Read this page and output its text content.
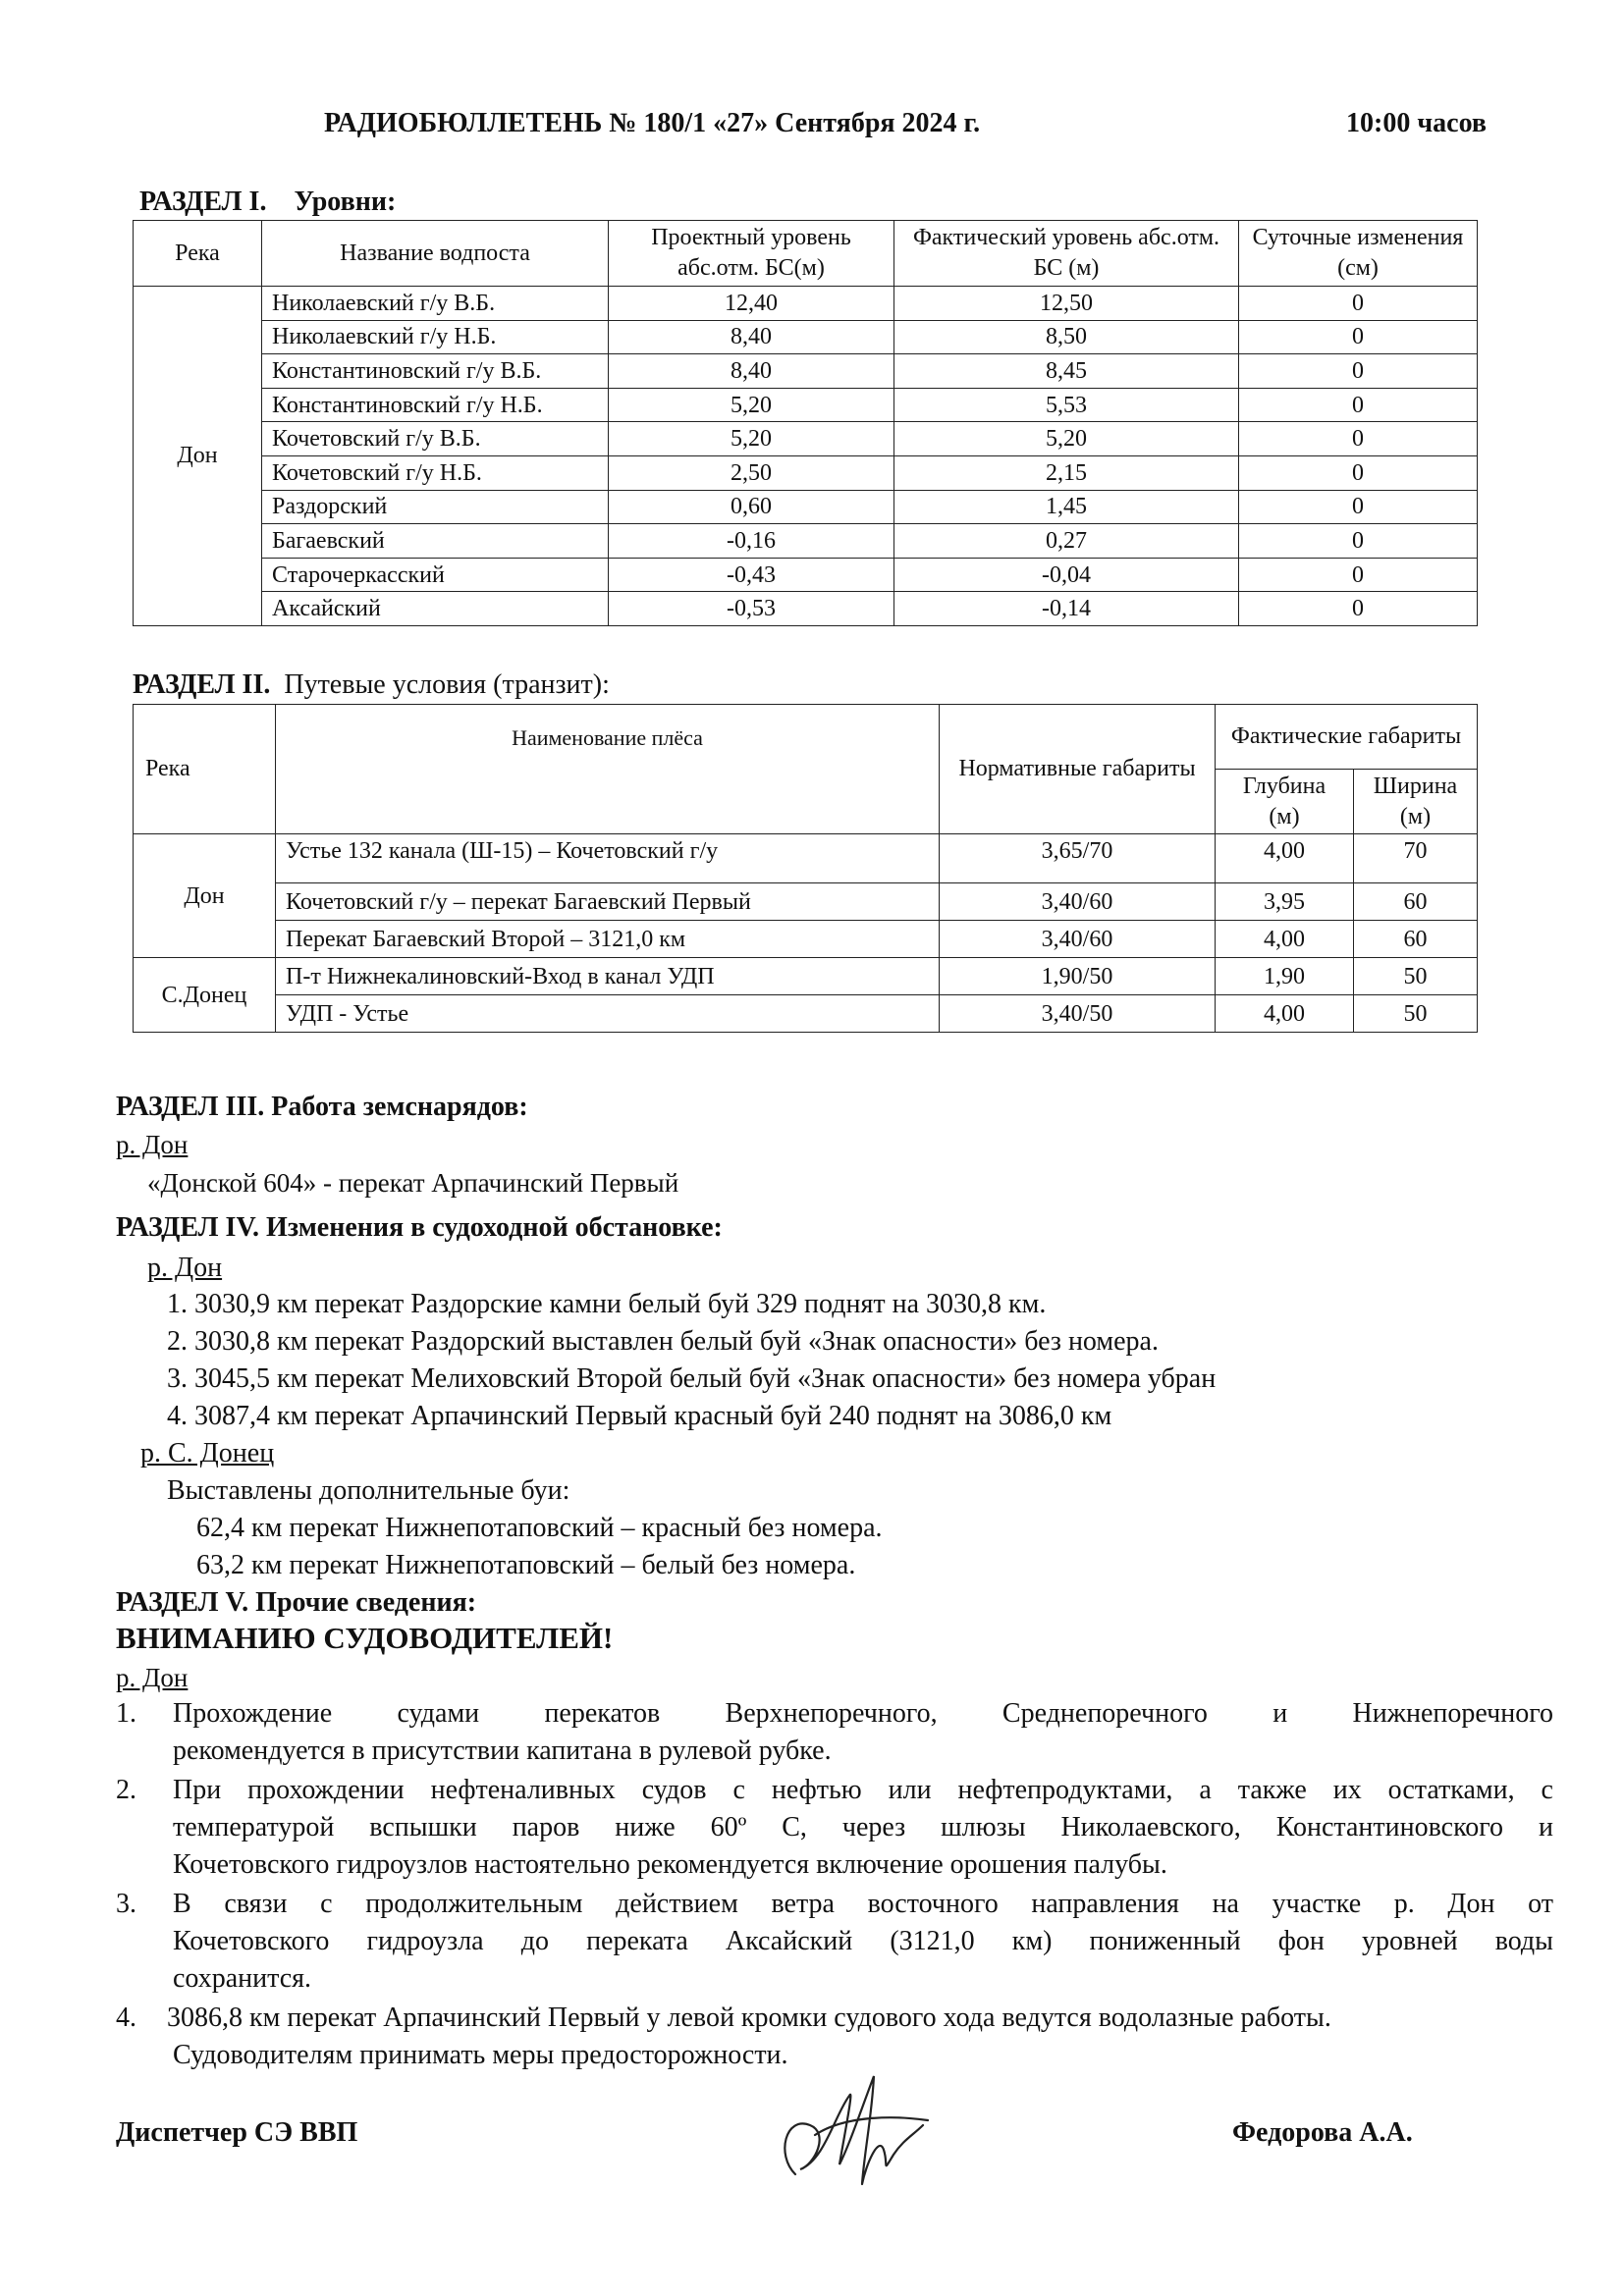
РАДИОБЮЛЛЕТЕНЬ № 180/1 «27» Сентября 2024 г.	10:00 часов
РАЗДЕЛ I.    Уровни:
Река	Название водпоста	Проектный уровень абс.отм. БС(м)	Фактический уровень абс.отм. БС (м)	Суточные изменения (см)
Дон	Николаевский г/у В.Б.	12,40	12,50	0
	Николаевский г/у Н.Б.	8,40	8,50	0
	Константиновский г/у В.Б.	8,40	8,45	0
	Константиновский г/у Н.Б.	5,20	5,53	0
	Кочетовский г/у В.Б.	5,20	5,20	0
	Кочетовский г/у Н.Б.	2,50	2,15	0
	Раздорский	0,60	1,45	0
	Багаевский	-0,16	0,27	0
	Старочеркасский	-0,43	-0,04	0
	Аксайский	-0,53	-0,14	0
РАЗДЕЛ II. Путевые условия (транзит):
Река	Наименование плёса	Нормативные габариты	Фактические габариты	
			Глубина (м)	Ширина (м)
Дон	Устье 132 канала (Ш-15) – Кочетовский г/у	3,65/70	4,00	70
	Кочетовский г/у – перекат Багаевский Первый	3,40/60	3,95	60
	Перекат Багаевский Второй – 3121,0 км	3,40/60	4,00	60
С.Донец	П-т Нижнекалиновский-Вход в канал УДП	1,90/50	1,90	50
	УДП - Устье	3,40/50	4,00	50
РАЗДЕЛ III. Работа земснарядов:
р. Дон
«Донской 604» - перекат Арпачинский Первый
РАЗДЕЛ IV. Изменения в судоходной обстановке:
р. Дон
1. 3030,9 км перекат Раздорские камни белый буй 329 поднят на 3030,8 км.
2. 3030,8 км перекат Раздорский выставлен белый буй «Знак опасности» без номера.
3. 3045,5 км перекат Мелиховский Второй белый буй «Знак опасности» без номера убран
4. 3087,4 км перекат Арпачинский Первый красный буй 240 поднят на 3086,0 км
р. С. Донец
Выставлены дополнительные буи:
62,4 км перекат Нижнепотаповский – красный без номера.
63,2 км перекат Нижнепотаповский – белый без номера.
РАЗДЕЛ V. Прочие сведения:
ВНИМАНИЮ СУДОВОДИТЕЛЕЙ!
р. Дон
1. Прохождение судами перекатов Верхнепоречного, Среднепоречного и Нижнепоречного
рекомендуется в присутствии капитана в рулевой рубке.
2. При прохождении нефтеналивных судов с нефтью или нефтепродуктами, а также их остатками, с
температурой вспышки паров ниже 60º С, через шлюзы Николаевского, Константиновского и
Кочетовского гидроузлов настоятельно рекомендуется включение орошения палубы.
3. В связи с продолжительным действием ветра восточного направления на участке р. Дон от
Кочетовского гидроузла до переката Аксайский (3121,0 км) пониженный фон уровней воды
сохранится.
4. 3086,8 км перекат Арпачинский Первый у левой кромки судового хода ведутся водолазные работы.
Судоводителям принимать меры предосторожности.
Диспетчер СЭ ВВП	Федорова А.А.
